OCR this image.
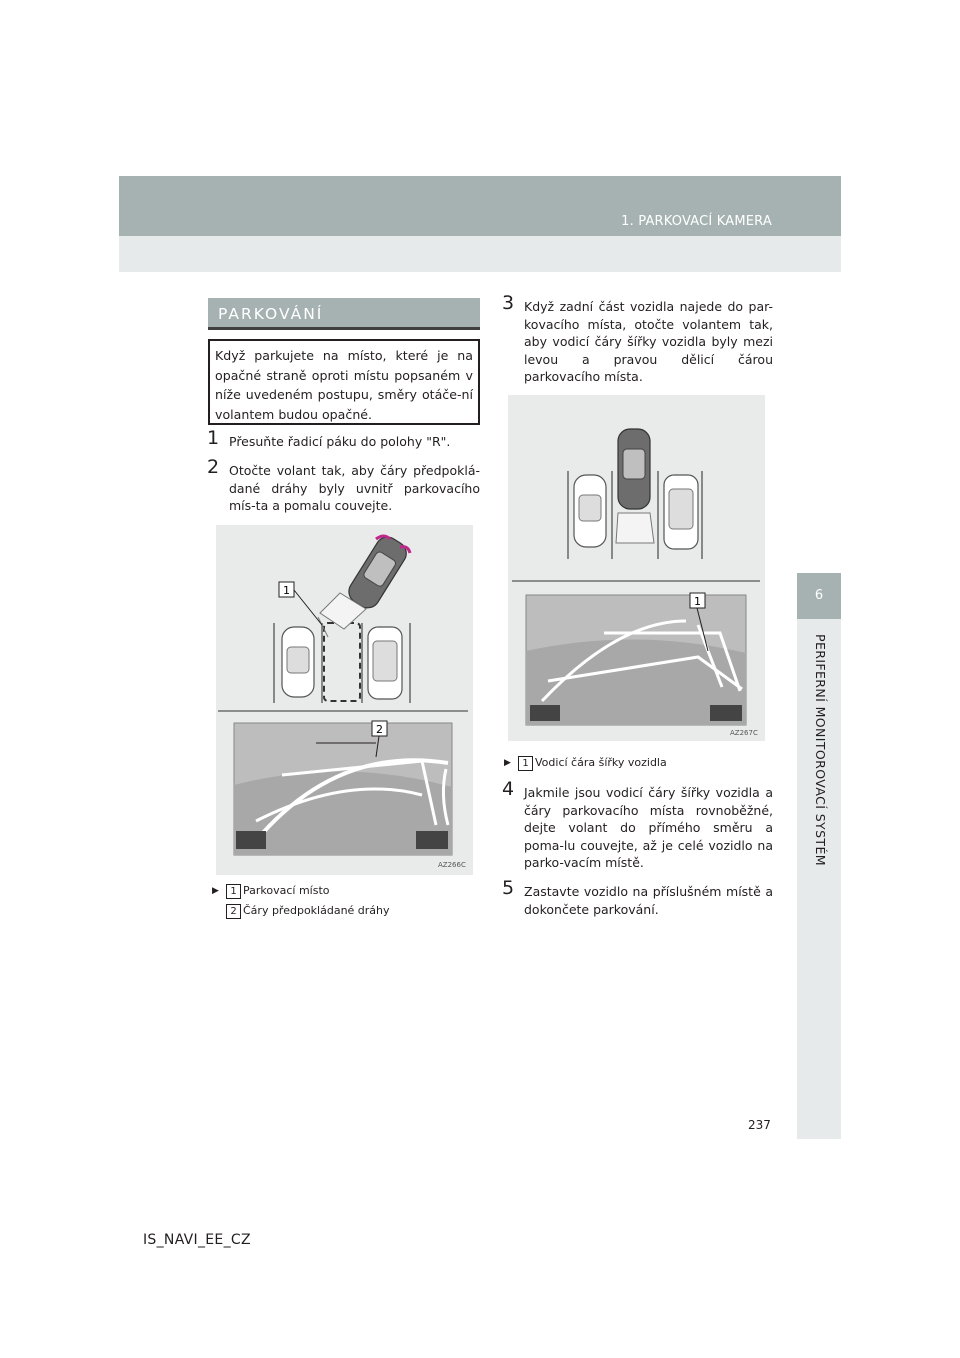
1. PARKOVACÍ KAMERA
6
PERIFERNÍ MONITOROVACÍ SYSTÉM
PARKOVÁNÍ
Když parkujete na místo, které je na opačné straně oproti místu popsaném v níže uvedeném postupu, směry otáče-ní volantem budou opačné.
1 Přesuňte řadicí páku do polohy "R".
2 Otočte volant tak, aby čáry předpoklá-dané dráhy byly uvnitř parkovacího mís-ta a pomalu couvejte.
1
2
AZ266C
▶	1 Parkovací místo
2 Čáry předpokládané dráhy
3 Když zadní část vozidla najede do par-kovacího místa, otočte volantem tak, aby vodicí čáry šířky vozidla byly mezi levou a pravou dělicí čárou parkovacího místa.
1
AZ267C
▶	1 Vodicí čára šířky vozidla
4 Jakmile jsou vodicí čáry šířky vozidla a čáry parkovacího místa rovnoběžné, dejte volant do přímého směru a poma-lu couvejte, až je celé vozidlo na parko-vacím místě.
5 Zastavte vozidlo na příslušném místě a dokončete parkování.
237
IS_NAVI_EE_CZ
